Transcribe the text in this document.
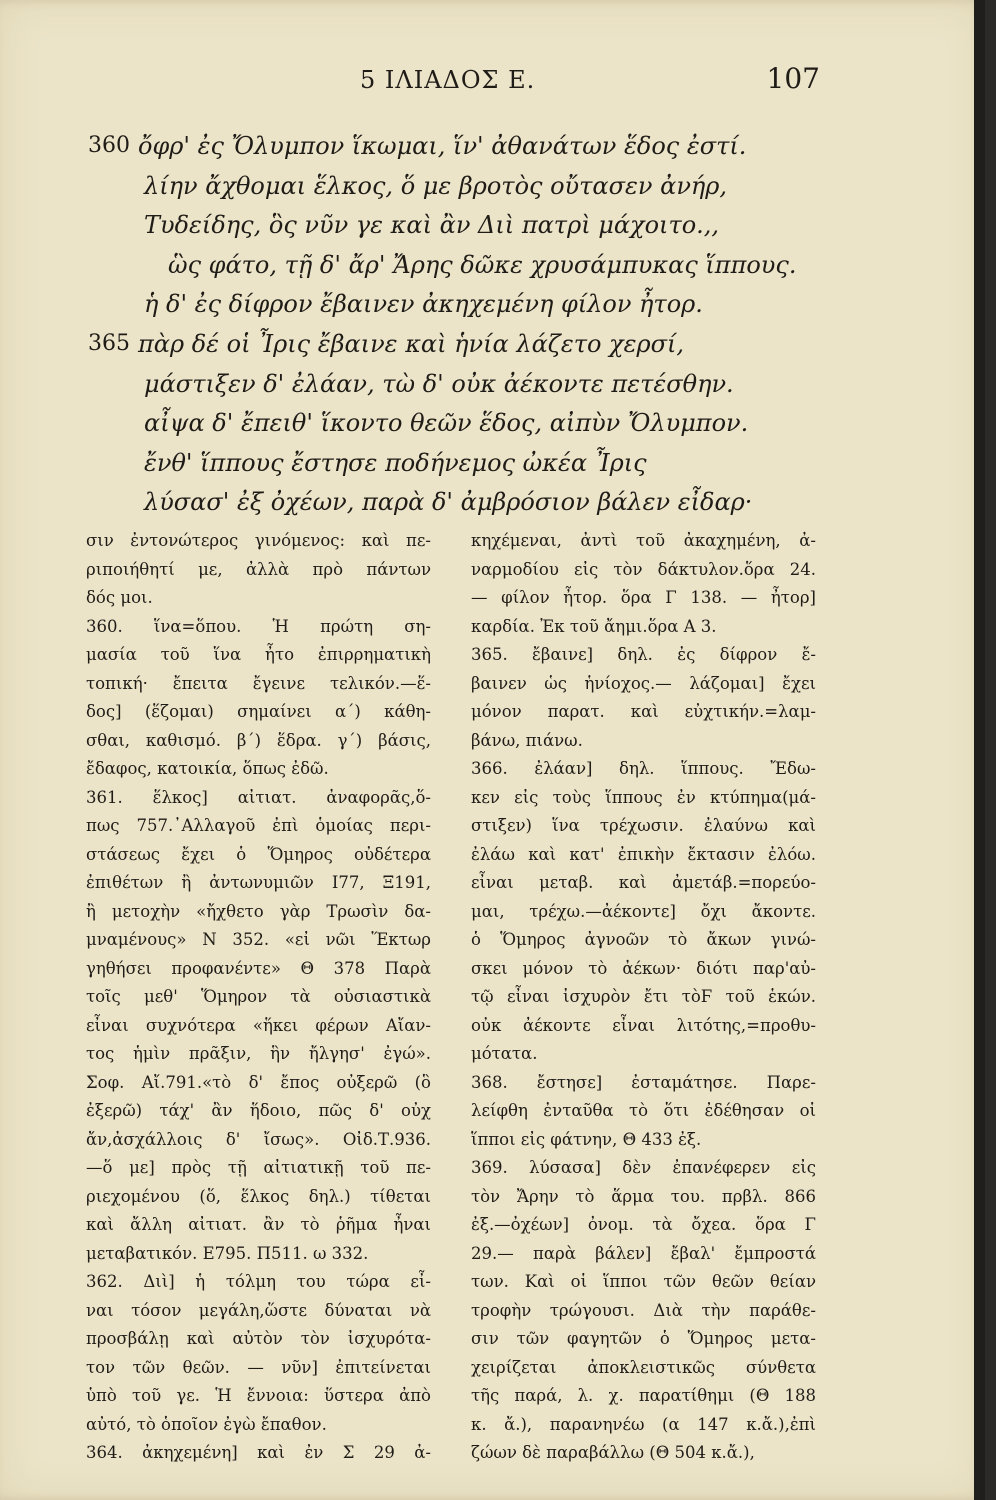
5 ΙΛΙΑΔΟΣ Ε.	107
360 ὄφρ' ἐς Ὄλυμπον ἵκωμαι, ἵν' ἀθανάτων ἕδος ἐστί.
λίην ἄχθομαι ἕλκος, ὅ με βροτὸς οὔτασεν ἀνήρ,
Τυδείδης, ὃς νῦν γε καὶ ἂν Διὶ πατρὶ μάχοιτο.,,
ὣς φάτο, τῇ δ' ἄρ' Ἄρης δῶκε χρυσάμπυκας ἵππους.
ἡ δ' ἐς δίφρον ἔβαινεν ἀκηχεμένη φίλον ἦτορ.
365 πὰρ δέ οἱ Ἶρις ἔβαινε καὶ ἡνία λάζετο χερσί,
μάστιξεν δ' ἐλάαν, τὼ δ' οὐκ ἀέκοντε πετέσθην.
αἶψα δ' ἔπειθ' ἵκοντο θεῶν ἕδος, αἰπὺν Ὄλυμπον.
ἔνθ' ἵππους ἔστησε ποδήνεμος ὠκέα Ἶρις
λύσασ' ἐξ ὀχέων, παρὰ δ' ἀμβρόσιον βάλεν εἶδαρ·
σιν ἐντονώτερος γινόμενος: καὶ πε-
ριποιήθητί με, ἀλλὰ πρὸ πάντων
δός μοι.
360. ἵνα=ὅπου. Ἡ πρώτη ση-
μασία τοῦ ἵνα ἦτο ἐπιρρηματικὴ
τοπική· ἔπειτα ἔγεινε τελικόν.—ἕ-
δος] (ἕζομαι) σημαίνει α΄) κάθη-
σθαι, καθισμό. β΄) ἕδρα. γ΄) βάσις,
ἔδαφος, κατοικία, ὅπως ἐδῶ.
361. ἕλκος] αἰτιατ. ἀναφορᾶς,ὅ-
πως 757.᾿Αλλαγοῦ ἐπὶ ὁμοίας περι-
στάσεως ἔχει ὁ Ὅμηρος οὐδέτερα
ἐπιθέτων ἢ ἀντωνυμιῶν Ι77, Ξ191,
ἢ μετοχὴν «ἤχθετο γὰρ Τρωσὶν δα-
μναμένους» Ν 352. «εἰ νῶι Ἕκτωρ
γηθήσει προφανέντε» Θ 378 Παρὰ
τοῖς μεθ' Ὅμηρον τὰ οὐσιαστικὰ
εἶναι συχνότερα «ἥκει φέρων Αἴαν-
τος ἡμὶν πρᾶξιν, ἣν ἤλγησ' ἐγώ».
Σοφ. Αἴ.791.«τὸ δ' ἔπος οὐξερῶ (ὃ
ἐξερῶ) τάχ' ἂν ἥδοιο, πῶς δ' οὐχ
ἄν,ἀσχάλλοις δ' ἴσως». Οἰδ.Τ.936.
—ὅ με] πρὸς τῇ αἰτιατικῇ τοῦ πε-
ριεχομένου (ὅ, ἕλκος δηλ.) τίθεται
καὶ ἄλλη αἰτιατ. ἂν τὸ ῥῆμα ἦναι
μεταβατικόν. Ε795. Π511. ω 332.
362. Διὶ] ἡ τόλμη του τώρα εἶ-
ναι τόσον μεγάλη,ὥστε δύναται νὰ
προσβάλῃ καὶ αὐτὸν τὸν ἰσχυρότα-
τον τῶν θεῶν. — νῦν] ἐπιτείνεται
ὑπὸ τοῦ γε. Ἡ ἔννοια: ὕστερα ἀπὸ
αὐτό, τὸ ὁποῖον ἐγὼ ἔπαθον.
364. ἀκηχεμένη] καὶ ἐν Σ 29 ἀ-
κηχέμεναι, ἀντὶ τοῦ ἀκαχημένη, ἀ-
ναρμοδίου εἰς τὸν δάκτυλον.ὅρα 24.
— φίλον ἦτορ. ὅρα Γ 138. — ἦτορ]
καρδία. Ἐκ τοῦ ἄημι.ὅρα Α 3.
365. ἔβαινε] δηλ. ἐς δίφρον ἔ-
βαινεν ὡς ἡνίοχος.— λάζομαι] ἔχει
μόνον παρατ. καὶ εὐχτικήν.=λαμ-
βάνω, πιάνω.
366. ἐλάαν] δηλ. ἵππους. Ἔδω-
κεν εἰς τοὺς ἵππους ἐν κτύπημα(μά-
στιξεν) ἵνα τρέχωσιν. ἐλαύνω καὶ
ἐλάω καὶ κατ' ἐπικὴν ἔκτασιν ἐλόω.
εἶναι μεταβ. καὶ ἀμετάβ.=πορεύο-
μαι, τρέχω.—ἀέκοντε] ὄχι ἄκοντε.
ὁ Ὅμηρος ἀγνοῶν τὸ ἄκων γινώ-
σκει μόνον τὸ ἀέκων· διότι παρ'αὐ-
τῷ εἶναι ἰσχυρὸν ἔτι τὸϜ τοῦ ἑκών.
οὐκ ἀέκοντε εἶναι λιτότης,=προθυ-
μότατα.
368. ἔστησε] ἐσταμάτησε. Παρε-
λείφθη ἐνταῦθα τὸ ὅτι ἐδέθησαν οἱ
ἵπποι εἰς φάτνην, Θ 433 ἐξ.
369. λύσασα] δὲν ἐπανέφερεν εἰς
τὸν Ἄρην τὸ ἅρμα του. πρβλ. 866
ἐξ.—ὀχέων] ὀνομ. τὰ ὄχεα. ὅρα Γ
29.— παρὰ βάλεν] ἔβαλ' ἔμπροστά
των. Καὶ οἱ ἵπποι τῶν θεῶν θείαν
τροφὴν τρώγουσι. Διὰ τὴν παράθε-
σιν τῶν φαγητῶν ὁ Ὅμηρος μετα-
χειρίζεται ἀποκλειστικῶς σύνθετα
τῆς παρά, λ. χ. παρατίθημι (Θ 188
κ. ἄ.), παρανηνέω (α 147 κ.ἄ.),ἐπὶ
ζώων δὲ παραβάλλω (Θ 504 κ.ἄ.),
